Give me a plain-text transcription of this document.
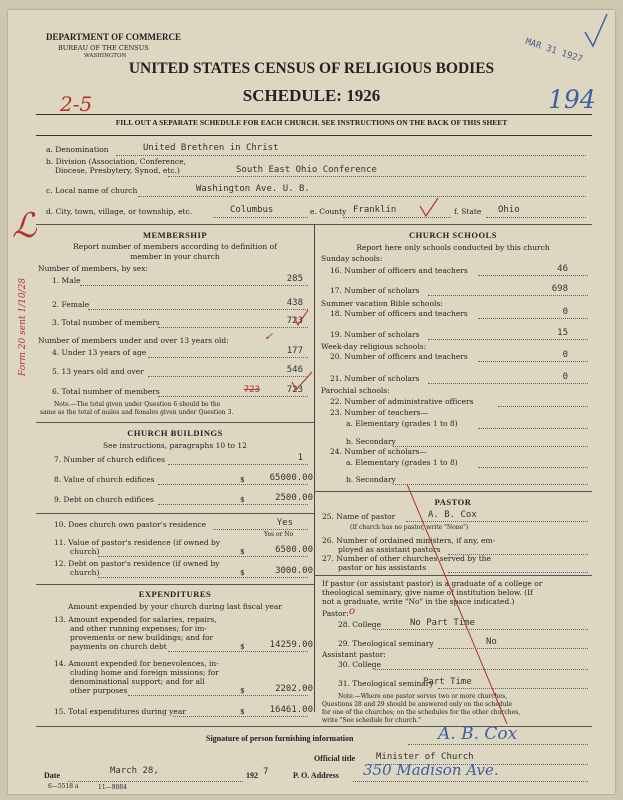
DEPARTMENT OF COMMERCE
BUREAU OF THE CENSUS
WASHINGTON
UNITED STATES CENSUS OF RELIGIOUS BODIES
SCHEDULE: 1926
2-5
MAR 31 1927
194
FILL OUT A SEPARATE SCHEDULE FOR EACH CHURCH. SEE INSTRUCTIONS ON THE BACK OF THIS SHEET
a. Denomination	United Brethren in Christ
b. Division (Association, Conference,
Diocese, Presbytery, Synod, etc.)	South East Ohio Conference
c. Local name of church	Washington Ave. U. B.
d. City, town, village, or township, etc.	Columbus	e. County Franklin	f. State Ohio
ℒ
Form 20 sent 1/10/28
MEMBERSHIP
Report number of members according to definition of
member in your church
Number of members, by sex:
1. Male	285
2. Female	438
3. Total number of members	723
Number of members under and over 13 years old:	✓
4. Under 13 years of age	177
5. 13 years old and over	546
6. Total number of members	723	723
Note.—The total given under Question 6 should be the
same as the total of males and females given under Question 3.
CHURCH BUILDINGS
See instructions, paragraphs 10 to 12
7. Number of church edifices	1
8. Value of church edifices	$	65000.00
9. Debt on church edifices	$	2500.00
10. Does church own pastor's residence	Yes
Yes or No
11. Value of pastor's residence (if owned by
church)	$	6500.00
12. Debt on pastor's residence (if owned by
church)	$	3000.00
EXPENDITURES
Amount expended by your church during last fiscal year
13. Amount expended for salaries, repairs,
and other running expenses; for im-
provements or new buildings; and for
payments on church debt	$	14259.00
14. Amount expended for benevolences, in-
cluding home and foreign missions; for
denominational support; and for all
other purposes	$	2202.00
15. Total expenditures during year	$	16461.00
CHURCH SCHOOLS
Report here only schools conducted by this church
Sunday schools:
16. Number of officers and teachers	46
17. Number of scholars	698
Summer vacation Bible schools:
18. Number of officers and teachers	0
19. Number of scholars	15
Week-day religious schools:
20. Number of officers and teachers	0
21. Number of scholars	0
Parochial schools:
22. Number of administrative officers
23. Number of teachers—
a. Elementary (grades 1 to 8)
b. Secondary
24. Number of scholars—
a. Elementary (grades 1 to 8)
b. Secondary
PASTOR
25. Name of pastor	A. B. Cox
(If church has no pastor, write "None")
26. Number of ordained ministers, if any, em-
ployed as assistant pastors
27. Number of other churches served by the
pastor or his assistants
If pastor (or assistant pastor) is a graduate of a college or
theological seminary, give name of institution below. (If
not a graduate, write "No" in the space indicated.)
Pastor: o
28. College	No Part Time
29. Theological seminary	No
Assistant pastor:
30. College
31. Theological seminary
Part Time
Note.—Where one pastor serves two or more churches,
Questions 28 and 29 should be answered only on the schedule
for one of the churches; on the schedules for the other churches,
write "See schedule for church."
Signature of person furnishing information	A. B. Cox
Official title Minister of Church
Date	March 28,	192 7	P. O. Address 350 Madison Ave.
6—5518 a	11—9084
